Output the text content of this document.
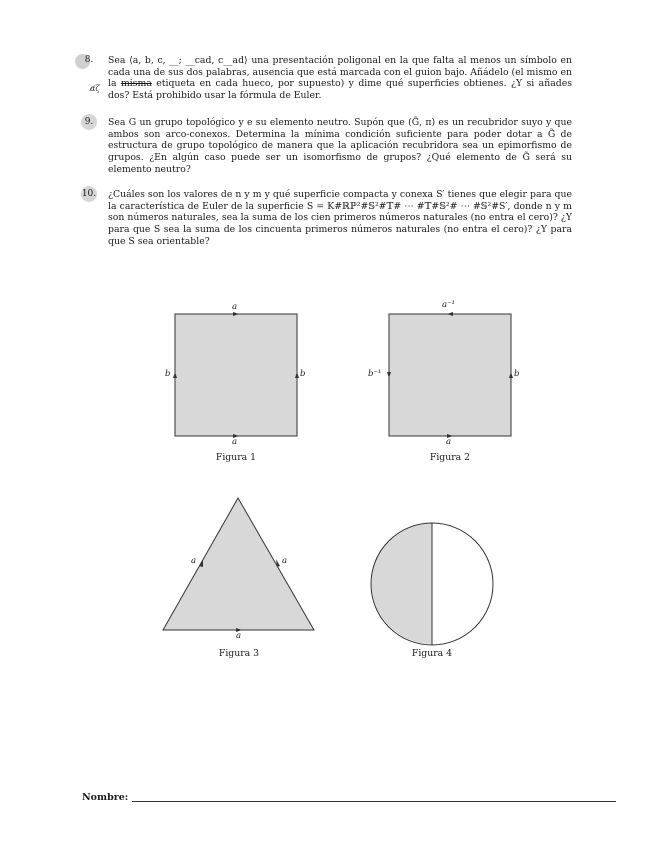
α̸ζ
8.	Sea ⟨a, b, c, __; __cad, c__ad⟩ una presentación poligonal en la que falta al menos un símbolo en cada una de sus dos palabras, ausencia que está marcada con el guion bajo. Añádelo (el mismo en la misma etiqueta en cada hueco, por supuesto) y dime qué superficies obtienes. ¿Y si añades dos? Está prohibido usar la fórmula de Euler.
9.	Sea G un grupo topológico y e su elemento neutro. Supón que (G̃, π) es un recubridor suyo y que ambos son arco-conexos. Determina la mínima condición suficiente para poder dotar a G̃ de estructura de grupo topológico de manera que la aplicación recubridora sea un epimorfismo de grupos. ¿En algún caso puede ser un isomorfismo de grupos? ¿Qué elemento de G̃ será su elemento neutro?
10. ¿Cuáles son los valores de n y m y qué superficie compacta y conexa S′ tienes que elegir para que la característica de Euler de la superficie S = K#ℝℙ²#𝕊²#𝕋# ⋯ #𝕋#𝕊²# ⋯ #𝕊²#S′, donde n y m son números naturales, sea la suma de los cien primeros números naturales (no entra el cero)? ¿Y para que S sea la suma de los cincuenta primeros números naturales (no entra el cero)? ¿Y para que S sea orientable?
a
a
b	b
a⁻¹
a
b⁻¹	b
a	a
a
Figura 1	Figura 2
Figura 3	Figura 4
Nombre:
